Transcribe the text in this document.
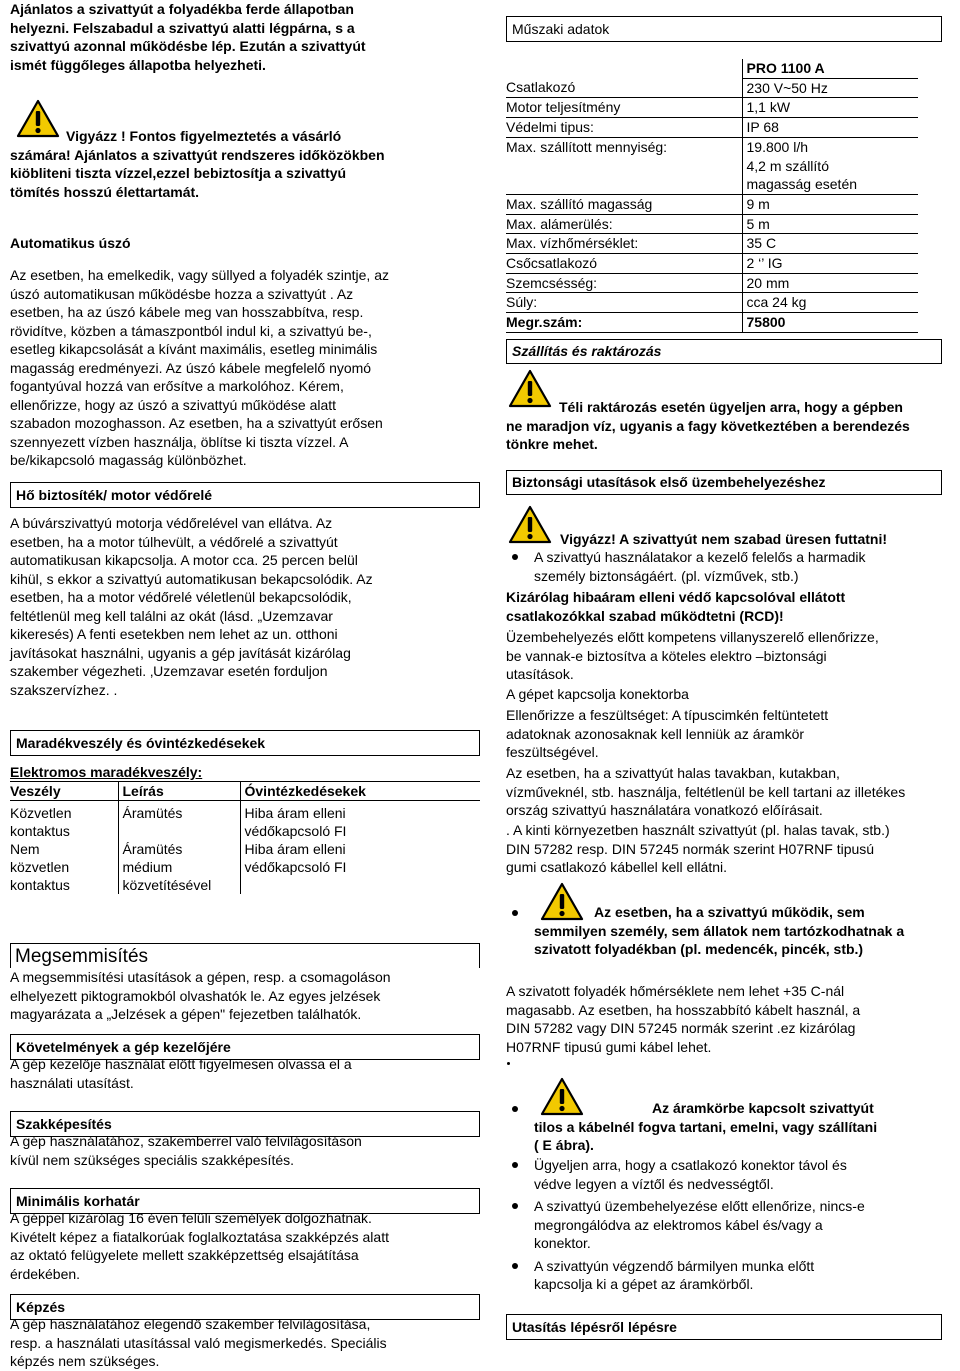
Ajánlatos a szivattyút a folyadékba ferde állapotban
helyezni. Felszabadul a szivattyú alatti légpárna, s a
szivattyú azonnal működésbe lép. Ezután a szivattyút
ismét függőleges állapotba helyezheti.
Vigyázz ! Fontos figyelmeztetés a vásárló
számára! Ajánlatos a szivattyút rendszeres időközökben
kiöbliteni tiszta vízzel,ezzel bebiztosítja a szivattyú
tömítés hosszú élettartamát.
Automatikus úszó
Az esetben, ha emelkedik, vagy süllyed a folyadék szintje, az
úszó automatikusan működésbe hozza a szivattyút . Az
esetben, ha az úszó kábele meg van hosszabbítva, resp.
rövidítve, közben a támaszpontból indul ki, a szivattyú be-,
esetleg kikapcsolását a kívánt maximális, esetleg minimális
magasság eredményezi. Az úszó kábele megfelelő nyomó
fogantyúval hozzá van erősítve a markolóhoz. Kérem,
ellenőrizze, hogy az úszó a szivattyú működése alatt
szabadon mozoghasson. Az esetben, ha a szivattyút erősen
szennyezett vízben használja, öblítse ki tiszta vízzel. A
be/kikapcsoló magasság különbözhet.
Hő biztosíték/ motor védőrelé
A búvárszivattyú motorja védőrelével van ellátva. Az
esetben, ha a motor túlhevült, a védőrelé a szivattyút
automatikusan kikapcsolja. A motor cca. 25 percen belül
kihül, s ekkor a szivattyú automatikusan bekapcsolódik. Az
esetben, ha a motor védőrelé véletlenül bekapcsolódik,
feltétlenül meg kell találni az okát (lásd. „Uzemzavar
kikeresés) A fenti esetekben nem lehet az un. otthoni
javításokat használni, ugyanis a gép javítását kizárólag
szakember végezheti. ‚Uzemzavar esetén forduljon
szakszervízhez. .
Maradékveszély és óvintézkedésekek
Elektromos maradékveszély:
Veszély	Leírás	Óvintézkedésekek
Közvetlen
kontaktus	Áramütés	Hiba áram elleni
védőkapcsoló FI
Nem
közvetlen
kontaktus	Áramütés
médium
közvetítésével	Hiba áram elleni
védőkapcsoló FI
Megsemmisítés
A megsemmisítési utasítások a gépen, resp. a csomagoláson
elhelyezett piktogramokból olvashatók le. Az egyes jelzések
magyarázata a „Jelzések a gépen" fejezetben találhatók.
Követelmények a gép kezelőjére
A gép kezelője használat előtt figyelmesen olvassa el a
használati utasítást.
Szakképesítés
A gép használatához, szakemberrel való felvilágosításon
kívül nem szükséges speciális szakképesítés.
Minimális korhatár
A géppel kizárólag 16 éven felüli személyek dolgozhatnak.
Kivételt képez a fiatalkorúak foglalkoztatása szakképzés alatt
az oktató felügyelete mellett szakképzettség elsajátítása
érdekében.
Képzés
A gép használatához elegendő szakember felvilágosítása,
resp. a használati utasítással való megismerkedés. Speciális
képzés nem szükséges.
Műszaki adatok
	PRO 1100 A
Csatlakozó	230 V~50 Hz
Motor teljesítmény	1,1 kW
Védelmi tipus:	IP 68
Max. szállított mennyiség:	19.800 l/h
4,2 m szállító
magasság esetén
Max. szállító magasság	9 m
Max. alámerülés:	5 m
Max. vízhőmérséklet:	35 C
Csőcsatlakozó	2 ‘’ IG
Szemcsésség:	20 mm
Súly:	cca 24 kg
Megr.szám:	75800
Szállítás és raktározás
Téli raktározás esetén ügyeljen arra, hogy a gépben
ne maradjon víz, ugyanis a fagy következtében a berendezés
tönkre mehet.
Biztonsági utasítások első üzembehelyezéshez
Vigyázz! A szivattyút nem szabad üresen futtatni!
A szivattyú használatakor a kezelő felelős a harmadik
személy biztonságáért. (pl. vízművek, stb.)
Kizárólag hibaáram elleni védő kapcsolóval ellátott
csatlakozókkal szabad működtetni (RCD)!
Üzembehelyezés előtt kompetens villanyszerelő ellenőrizze,
be vannak-e biztosítva a köteles elektro –biztonsági
utasítások.
A gépet kapcsolja konektorba
Ellenőrizze a feszültséget: A típuscimkén feltüntetett
adatoknak azonosaknak kell lenniük az áramkör
feszültségével.
Az esetben, ha a szivattyút halas tavakban, kutakban,
vízműveknél, stb. használja, feltétlenül be kell tartani az illetékes
ország szivattyú használatára vonatkozó előírásait.
. A kinti környezetben használt szivattyút (pl. halas tavak, stb.)
DIN 57282 resp. DIN 57245 normák szerint H07RNF tipusú
gumi csatlakozó kábellel kell ellátni.
Az esetben, ha a szivattyú működik, sem
semmilyen személy, sem állatok nem tartózkodhatnak a
szivatott folyadékban (pl. medencék, pincék, stb.)
A szivatott folyadék hőmérséklete nem lehet +35 C-nál
magasabb. Az esetben, ha hosszabbító kábelt használ, a
DIN 57282 vagy DIN 57245 normák szerint .ez kizárólag
H07RNF tipusú gumi kábel lehet.
Az áramkörbe kapcsolt szivattyút
tilos a kábelnél fogva tartani, emelni, vagy szállítani
( E ábra).
Ügyeljen arra, hogy a csatlakozó konektor távol és
védve legyen a víztől és nedvességtől.
A szivattyú üzembehelyezése előtt ellenőrize, nincs-e
megrongálódva az elektromos kábel és/vagy a
konektor.
A szivattyún végzendő bármilyen munka előtt
kapcsolja ki a gépet az áramkörből.
Utasítás lépésről lépésre
